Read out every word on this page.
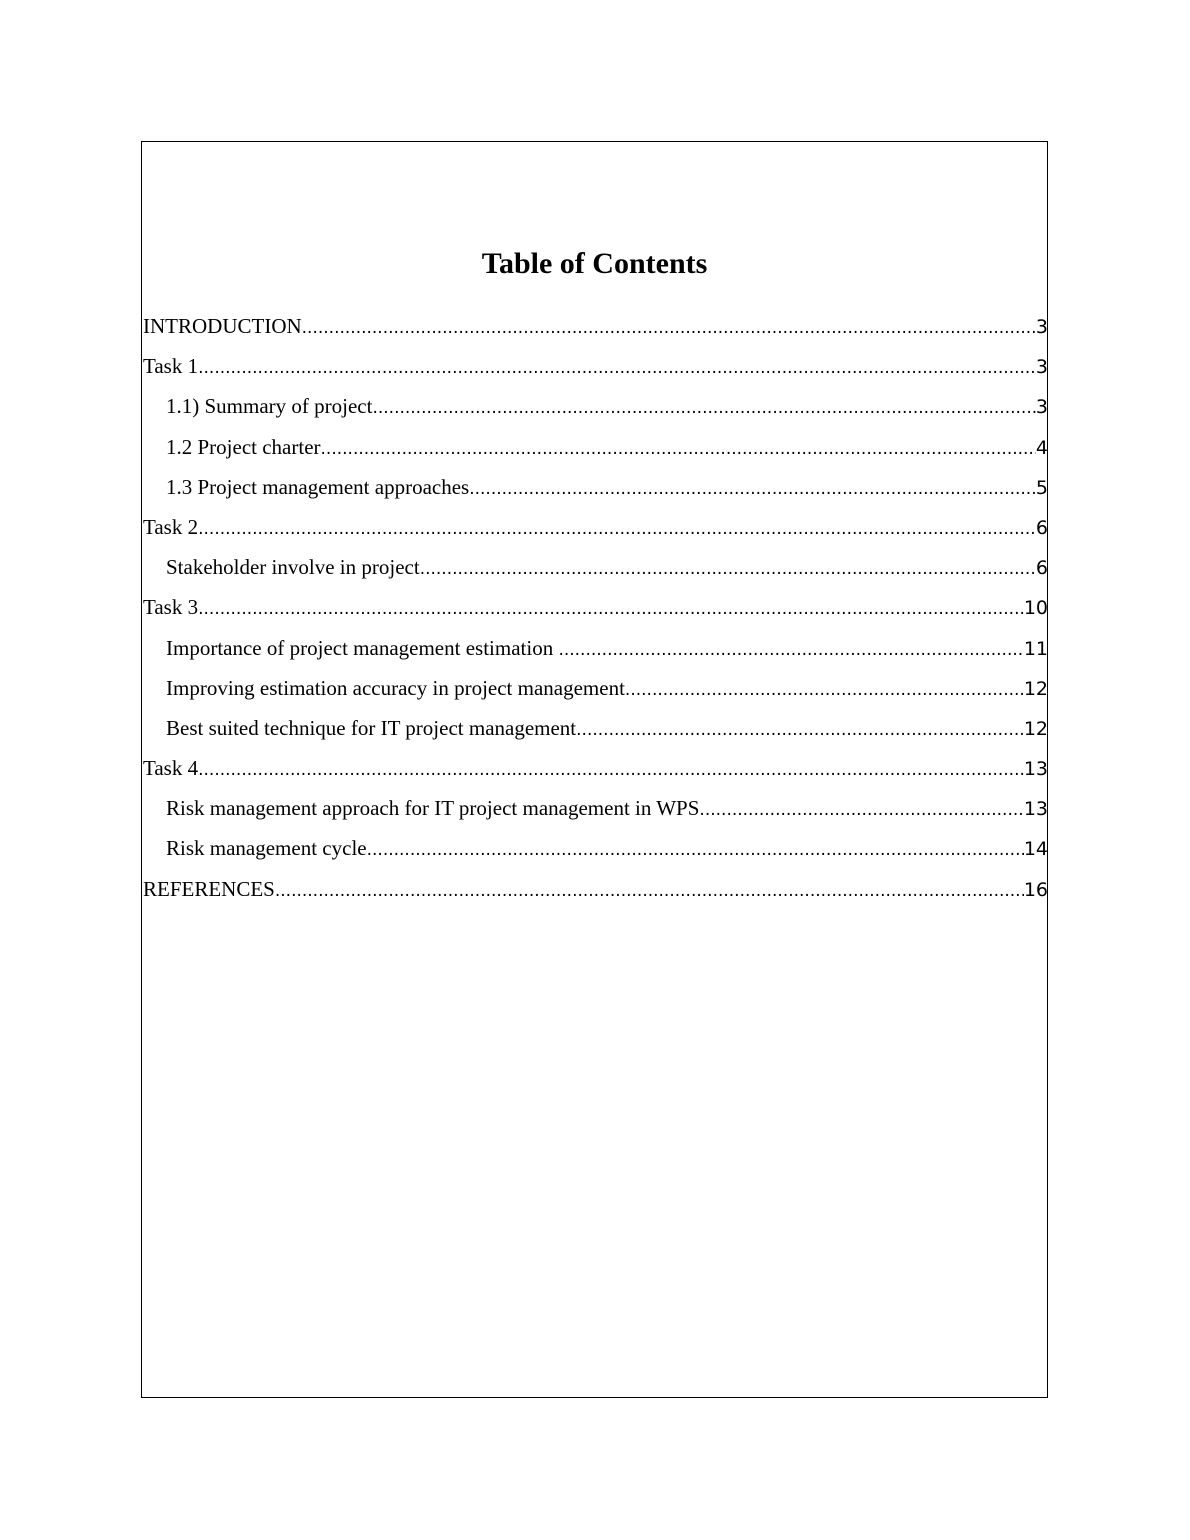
Table of Contents
INTRODUCTION .....	3
Task 1 .....	3
1.1) Summary of project .....	3
1.2 Project charter .....	4
1.3 Project management approaches .....	5
Task 2 .....	6
Stakeholder involve in project .....	6
Task 3 .....	10
Importance of project management estimation .....	11
Improving estimation accuracy in project management .....	12
Best suited technique for IT project management .....	12
Task 4 .....	13
Risk management approach for IT project management in WPS .....	13
Risk management cycle .....	14
REFERENCES .....	16
